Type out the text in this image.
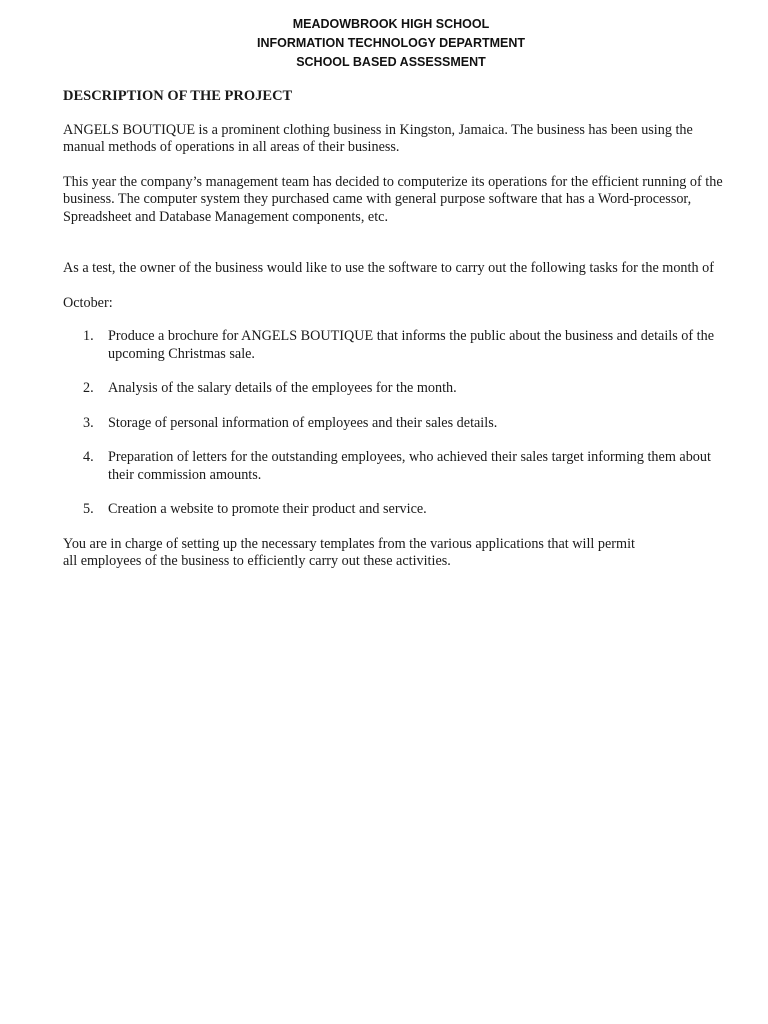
MEADOWBROOK HIGH SCHOOL
INFORMATION TECHNOLOGY DEPARTMENT
SCHOOL BASED ASSESSMENT
DESCRIPTION OF THE PROJECT

ANGELS BOUTIQUE is a prominent clothing business in Kingston, Jamaica. The business has been using the manual methods of operations in all areas of their business.

This year the company’s management team has decided to computerize its operations for the efficient running of the business. The computer system they purchased came with general purpose software that has a Word-processor, Spreadsheet and Database Management components, etc.

As a test, the owner of the business would like to use the software to carry out the following tasks for the month of

October:

1. Produce a brochure for ANGELS BOUTIQUE that informs the public about the business and details of the upcoming Christmas sale.
2. Analysis of the salary details of the employees for the month.
3. Storage of personal information of employees and their sales details.
4. Preparation of letters for the outstanding employees, who achieved their sales target informing them about their commission amounts.
5. Creation a website to promote their product and service.

You are in charge of setting up the necessary templates from the various applications that will permit all employees of the business to efficiently carry out these activities.
